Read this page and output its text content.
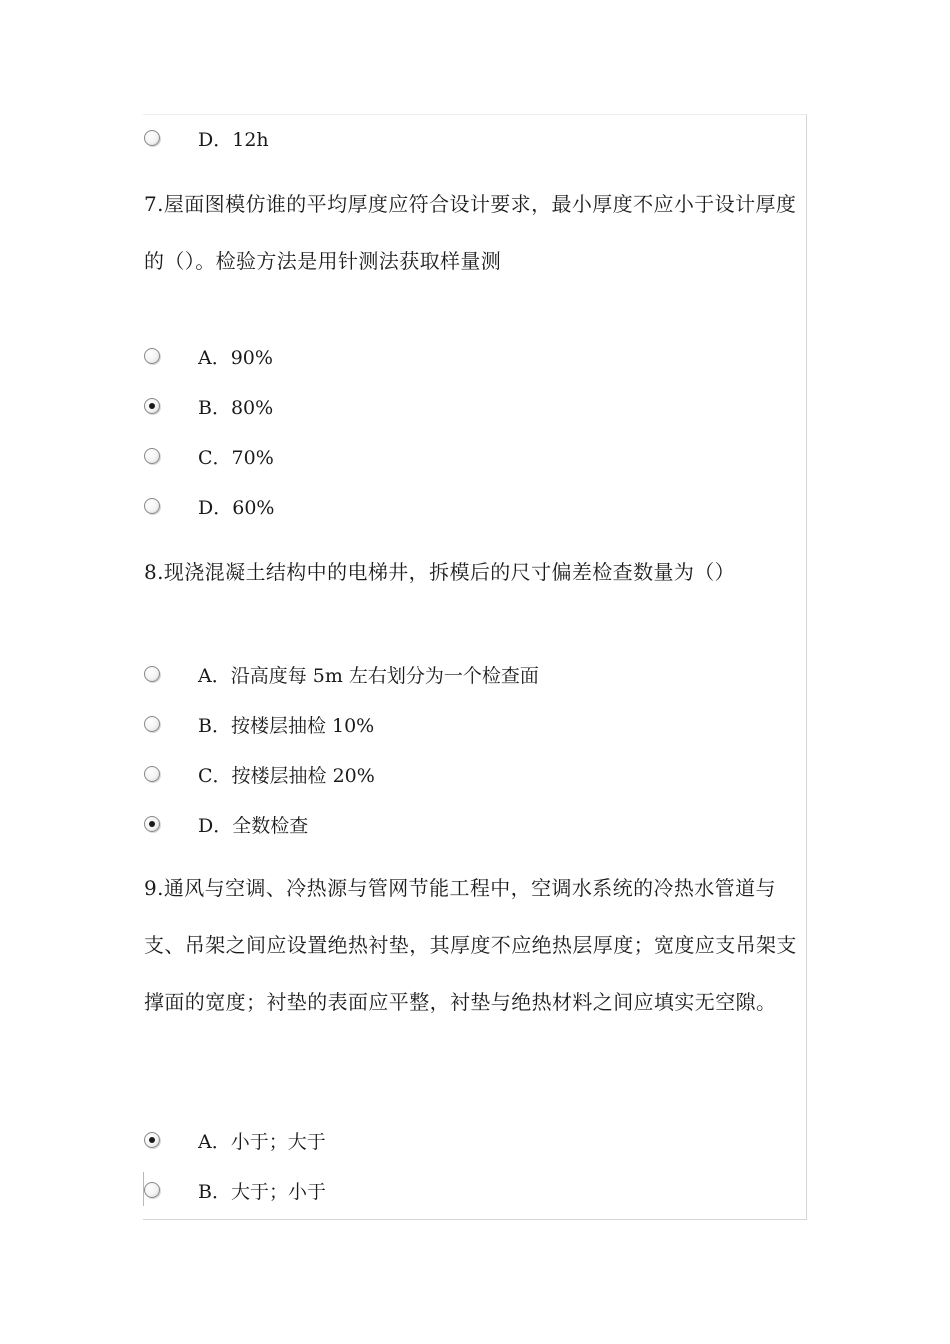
D．12h
7.屋面图模仿谁的平均厚度应符合设计要求，最小厚度不应小于设计厚度的（）。检验方法是用针测法获取样量测
A．90%
B．80%
C．70%
D．60%
8.现浇混凝土结构中的电梯井，拆模后的尺寸偏差检查数量为（）
A．沿高度每 5m 左右划分为一个检查面
B．按楼层抽检 10%
C．按楼层抽检 20%
D．全数检查
9.通风与空调、冷热源与管网节能工程中，空调水系统的冷热水管道与支、吊架之间应设置绝热衬垫，其厚度不应绝热层厚度；宽度应支吊架支撑面的宽度；衬垫的表面应平整，衬垫与绝热材料之间应填实无空隙。
A．小于；大于
B．大于；小于
